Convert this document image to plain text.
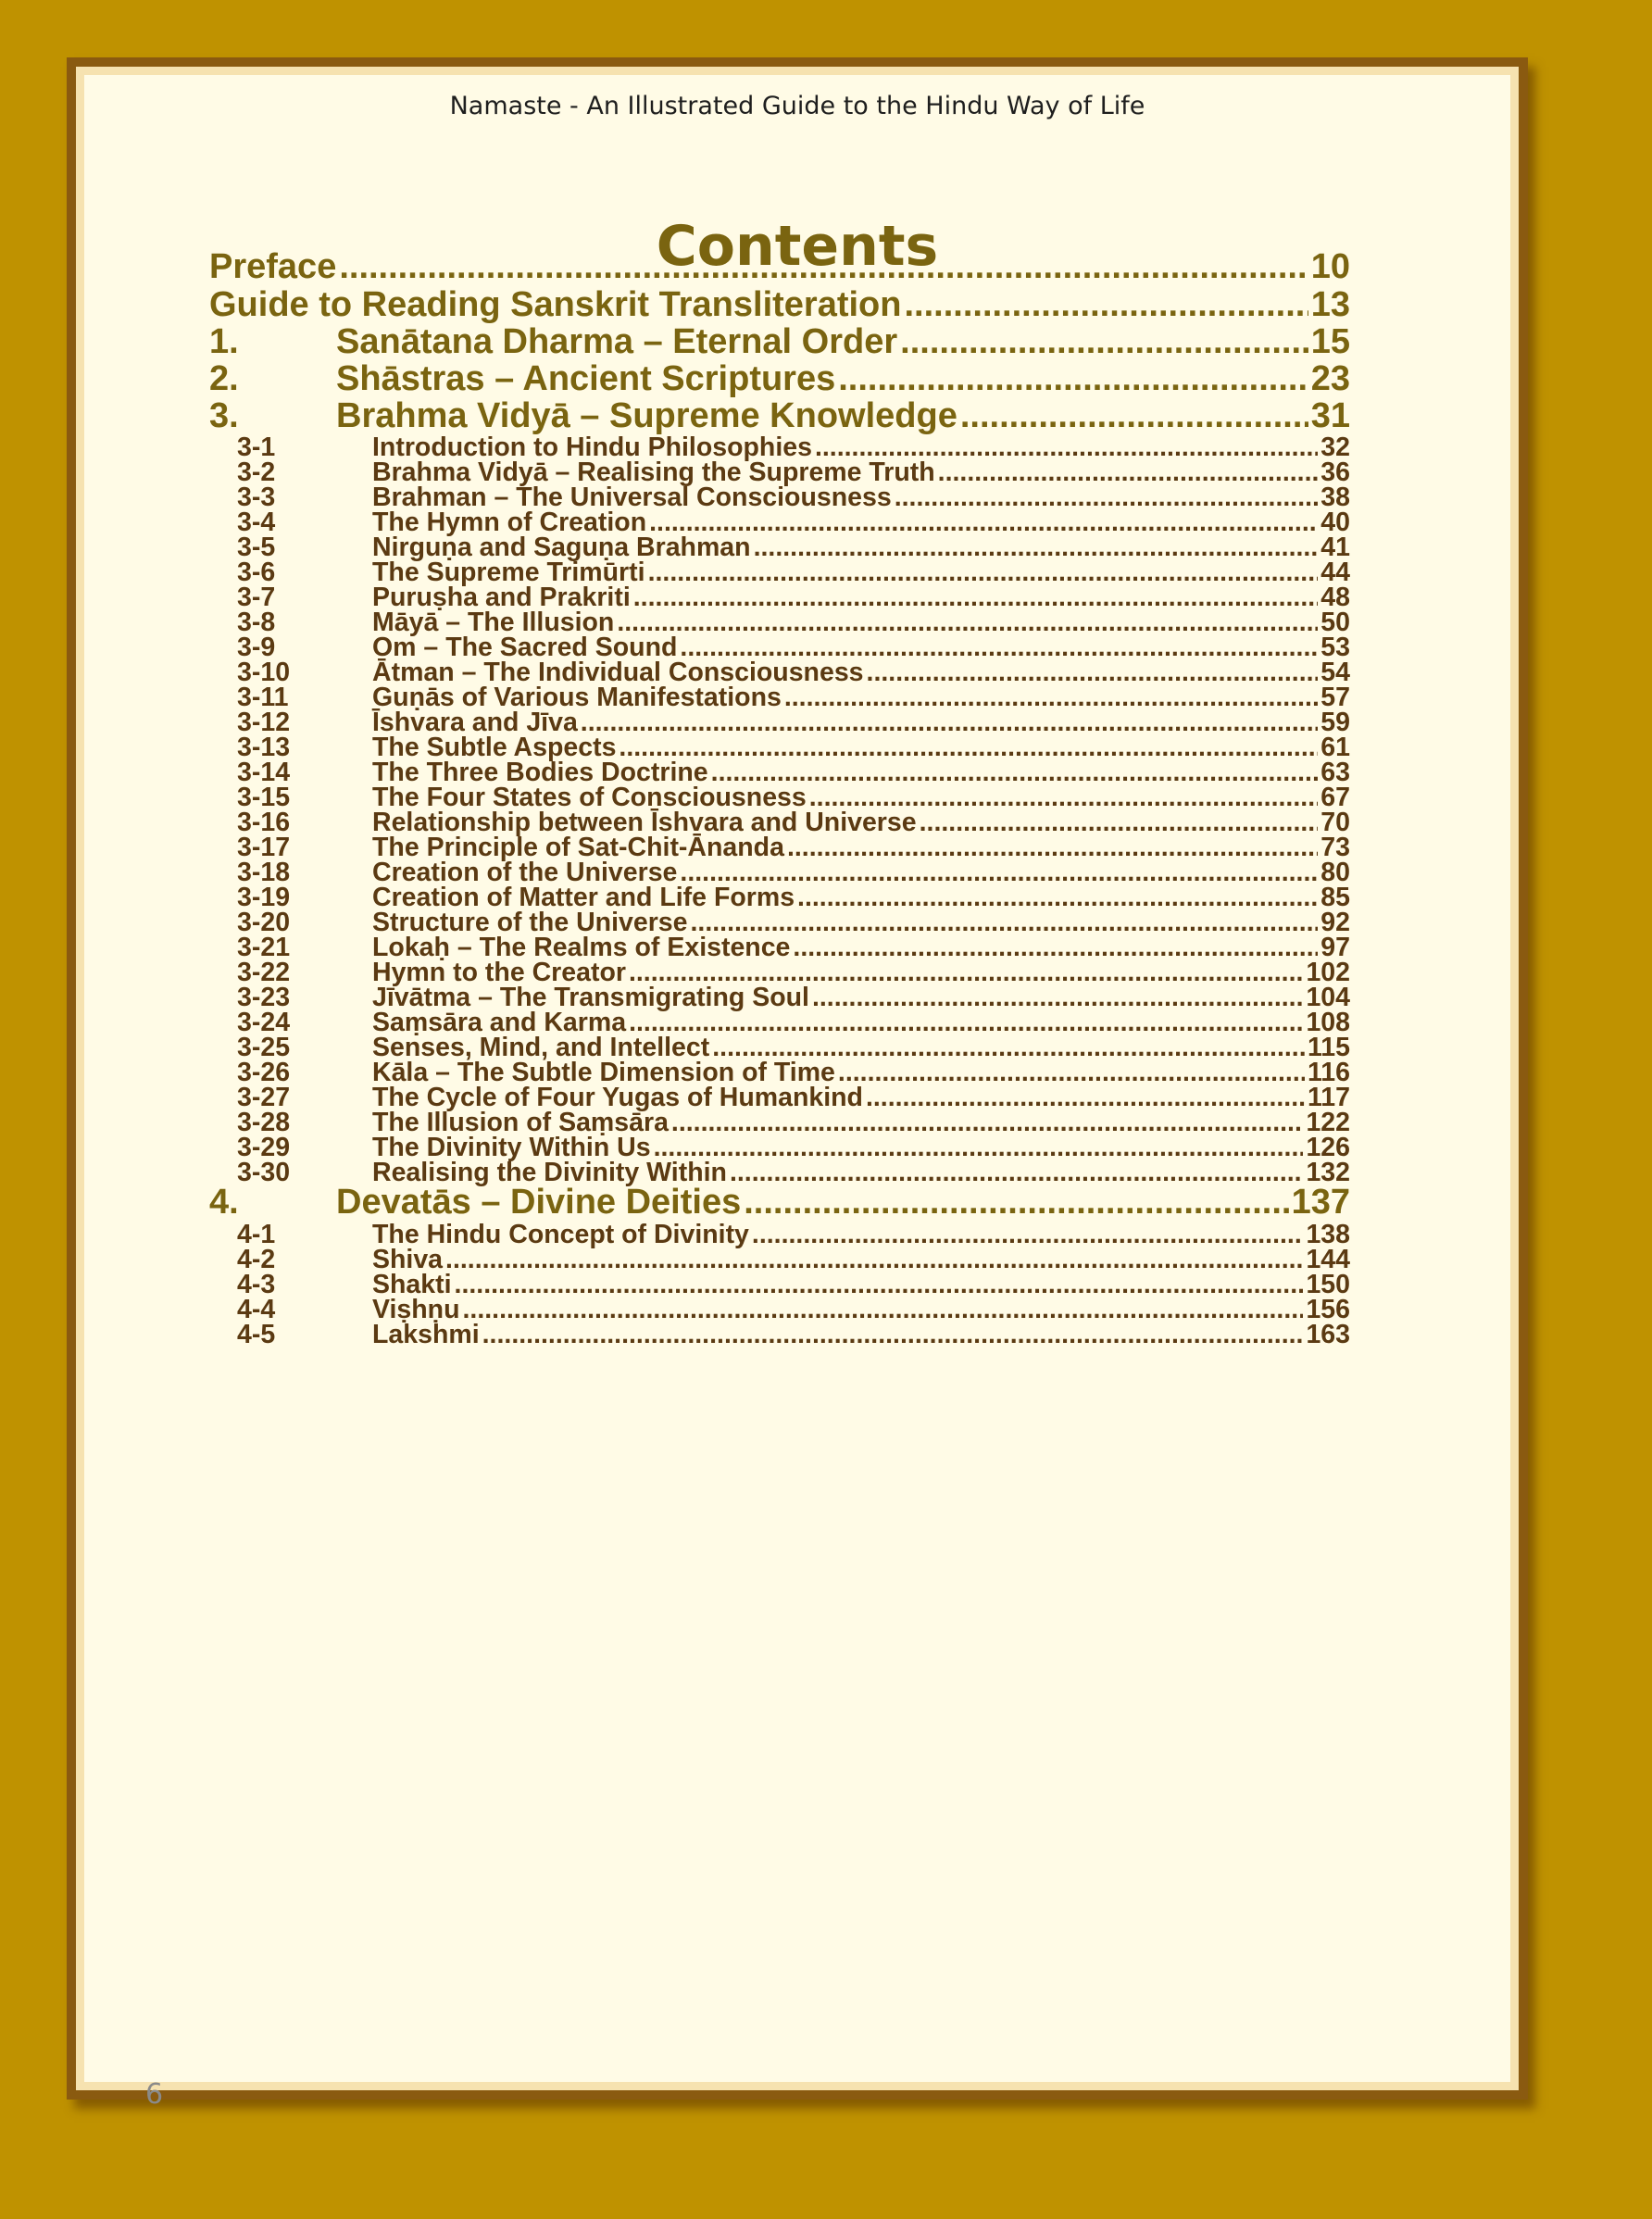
Namaste - An Illustrated Guide to the Hindu Way of Life
Contents
Preface .....	10
Guide to Reading Sanskrit Transliteration .....	13
1.	Sanātana Dharma – Eternal Order .....	15
2.	Shāstras – Ancient Scriptures .....	23
3.	Brahma Vidyā – Supreme Knowledge .....	31
3-1	Introduction to Hindu Philosophies .....	32
3-2	Brahma Vidyā – Realising the Supreme Truth .....	36
3-3	Brahman – The Universal Consciousness .....	38
3-4	The Hymn of Creation .....	40
3-5	Nirguṇa and Saguṇa Brahman .....	41
3-6	The Supreme Trimūrti .....	44
3-7	Puruṣha and Prakriti .....	48
3-8	Māyā – The Illusion .....	50
3-9	Om – The Sacred Sound .....	53
3-10	Ātman – The Individual Consciousness .....	54
3-11	Guṇās of Various Manifestations .....	57
3-12	Īshvara and Jīva .....	59
3-13	The Subtle Aspects .....	61
3-14	The Three Bodies Doctrine .....	63
3-15	The Four States of Consciousness .....	67
3-16	Relationship between Īshvara and Universe .....	70
3-17	The Principle of Sat-Chit-Ānanda .....	73
3-18	Creation of the Universe .....	80
3-19	Creation of Matter and Life Forms .....	85
3-20	Structure of the Universe .....	92
3-21	Lokaḥ – The Realms of Existence .....	97
3-22	Hymn to the Creator .....	102
3-23	Jīvātma – The Transmigrating Soul .....	104
3-24	Saṃsāra and Karma .....	108
3-25	Senses, Mind, and Intellect .....	115
3-26	Kāla – The Subtle Dimension of Time .....	116
3-27	The Cycle of Four Yugas of Humankind .....	117
3-28	The Illusion of Saṃsāra .....	122
3-29	The Divinity Within Us .....	126
3-30	Realising the Divinity Within .....	132
4.	Devatās – Divine Deities .....	137
4-1	The Hindu Concept of Divinity .....	138
4-2	Shiva .....	144
4-3	Shakti .....	150
4-4	Viṣhṇu .....	156
4-5	Lakshmi .....	163
6
